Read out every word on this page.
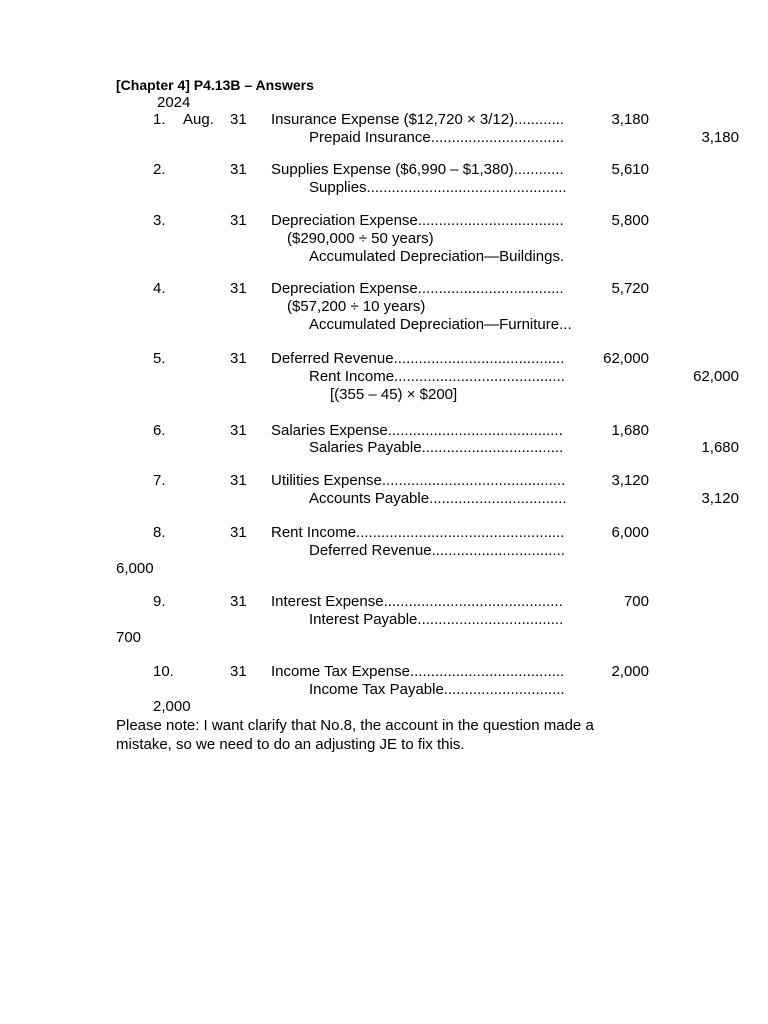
[Chapter 4] P4.13B – Answers
2024
1. Aug. 31 Insurance Expense ($12,720 × 3/12)............	3,180
Prepaid Insurance................................	3,180
2.	31 Supplies Expense ($6,990 – $1,380)............	5,610
Supplies................................................
3.	31 Depreciation Expense...................................	5,800
($290,000 ÷ 50 years)
Accumulated Depreciation—Buildings.
4.	31 Depreciation Expense...................................	5,720
($57,200 ÷ 10 years)
Accumulated Depreciation—Furniture...
5.	31 Deferred Revenue.........................................	62,000
Rent Income.........................................	62,000
[(355 – 45) × $200]
6.	31 Salaries Expense..........................................	1,680
Salaries Payable..................................	1,680
7.	31 Utilities Expense............................................	3,120
Accounts Payable.................................	3,120
8.	31 Rent Income..................................................	6,000
Deferred Revenue................................
6,000
9.	31 Interest Expense...........................................	700
Interest Payable...................................
700
10.	31 Income Tax Expense.....................................	2,000
Income Tax Payable.............................
2,000
Please note: I want clarify that No.8, the account in the question made a mistake, so we need to do an adjusting JE to fix this.
